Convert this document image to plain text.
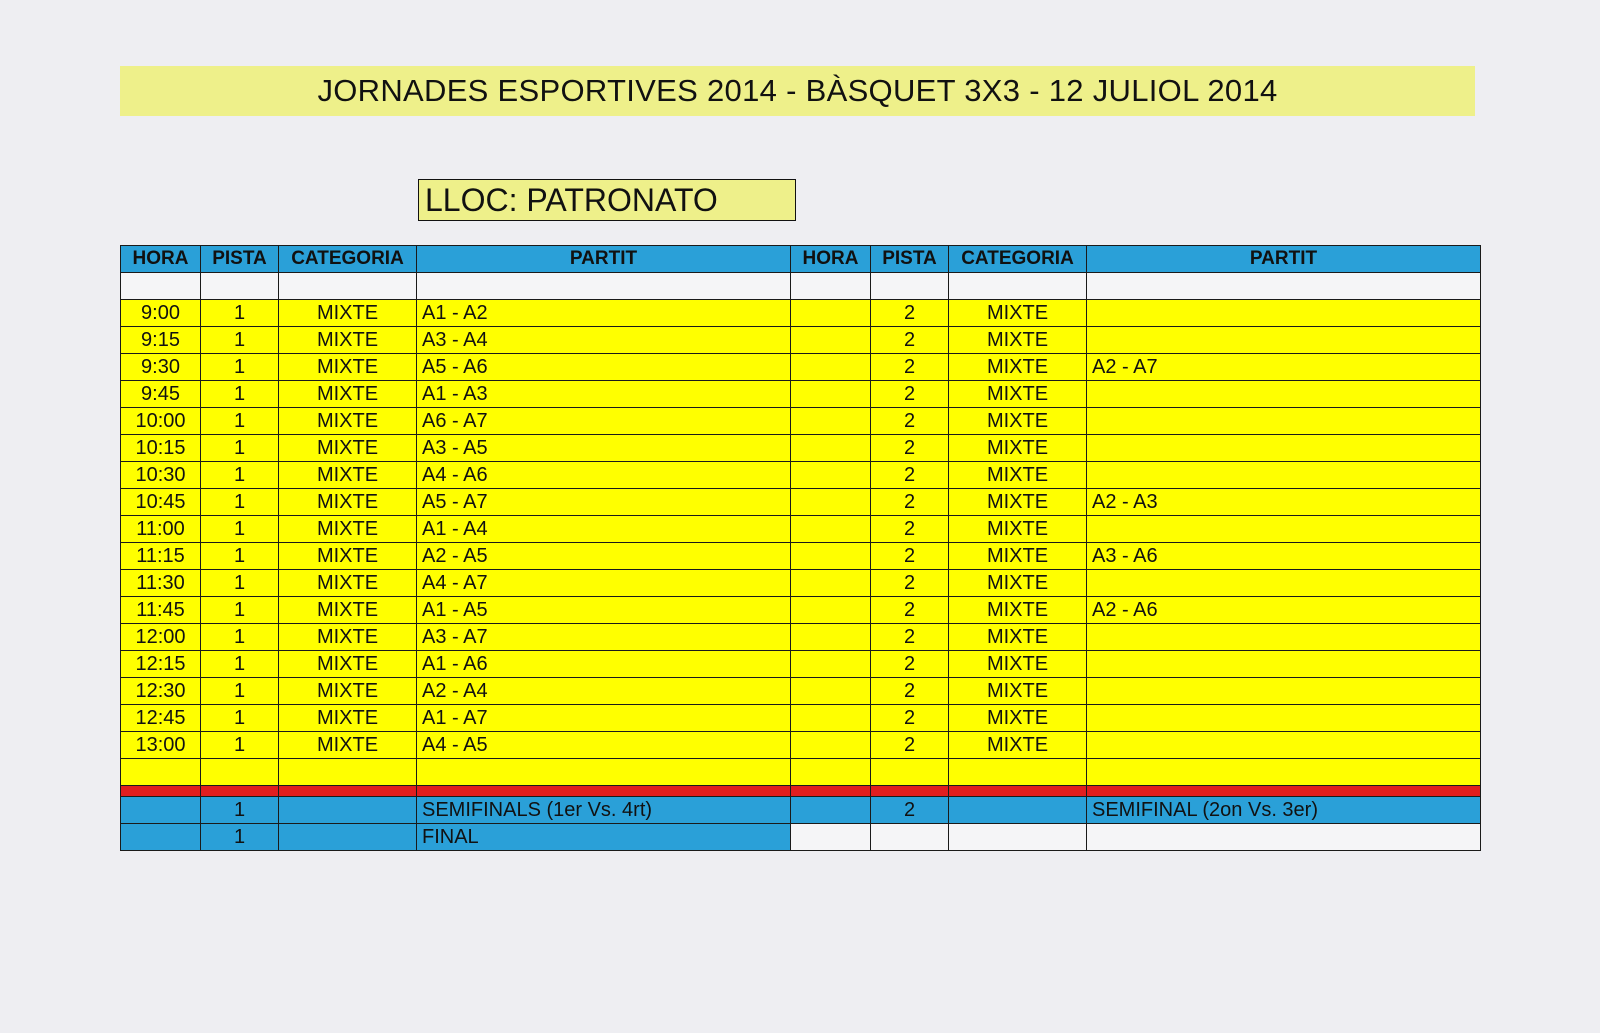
JORNADES ESPORTIVES 2014 - BÀSQUET 3X3 - 12 JULIOL 2014
LLOC: PATRONATO
HORA	PISTA	CATEGORIA	PARTIT	HORA	PISTA	CATEGORIA	PARTIT

9:00	1	MIXTE	A1 - A2		2	MIXTE	
9:15	1	MIXTE	A3 - A4		2	MIXTE	
9:30	1	MIXTE	A5 - A6		2	MIXTE	A2 - A7
9:45	1	MIXTE	A1 - A3		2	MIXTE	
10:00	1	MIXTE	A6 - A7		2	MIXTE	
10:15	1	MIXTE	A3 - A5		2	MIXTE	
10:30	1	MIXTE	A4 - A6		2	MIXTE	
10:45	1	MIXTE	A5 - A7		2	MIXTE	A2 - A3
11:00	1	MIXTE	A1 - A4		2	MIXTE	
11:15	1	MIXTE	A2 - A5		2	MIXTE	A3 - A6
11:30	1	MIXTE	A4 - A7		2	MIXTE	
11:45	1	MIXTE	A1 - A5		2	MIXTE	A2 - A6
12:00	1	MIXTE	A3 - A7		2	MIXTE	
12:15	1	MIXTE	A1 - A6		2	MIXTE	
12:30	1	MIXTE	A2 - A4		2	MIXTE	
12:45	1	MIXTE	A1 - A7		2	MIXTE	
13:00	1	MIXTE	A4 - A5		2	MIXTE	

	1		SEMIFINALS (1er Vs. 4rt)		2		SEMIFINAL (2on Vs. 3er)
	1		FINAL				
